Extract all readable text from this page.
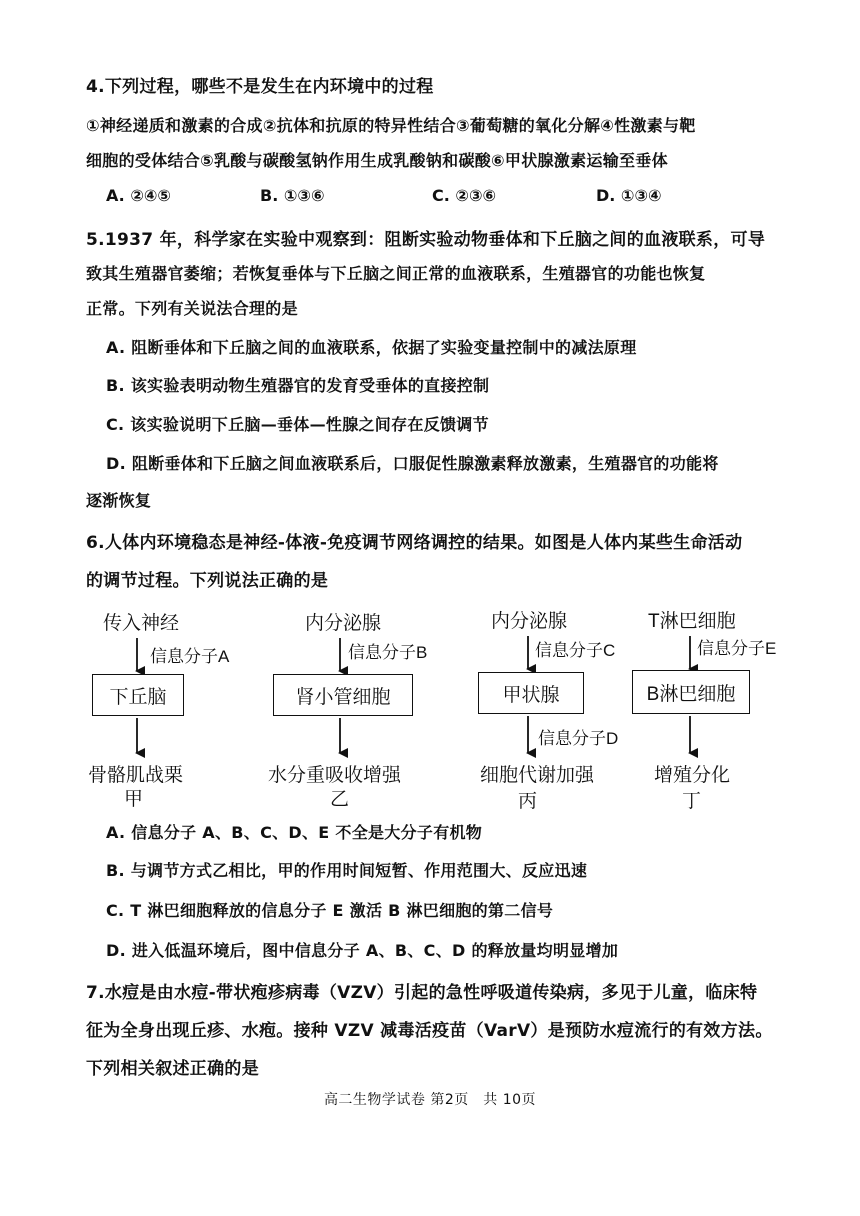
4.下列过程，哪些不是发生在内环境中的过程
①神经递质和激素的合成②抗体和抗原的特异性结合③葡萄糖的氧化分解④性激素与靶
细胞的受体结合⑤乳酸与碳酸氢钠作用生成乳酸钠和碳酸⑥甲状腺激素运输至垂体
A. ②④⑤	B. ①③⑥	C. ②③⑥	D. ①③④
5.1937 年，科学家在实验中观察到：阻断实验动物垂体和下丘脑之间的血液联系，可导
致其生殖器官萎缩；若恢复垂体与下丘脑之间正常的血液联系，生殖器官的功能也恢复
正常。下列有关说法合理的是
A. 阻断垂体和下丘脑之间的血液联系，依据了实验变量控制中的减法原理
B. 该实验表明动物生殖器官的发育受垂体的直接控制
C. 该实验说明下丘脑—垂体—性腺之间存在反馈调节
D. 阻断垂体和下丘脑之间血液联系后，口服促性腺激素释放激素，生殖器官的功能将
逐渐恢复
6.人体内环境稳态是神经-体液-免疫调节网络调控的结果。如图是人体内某些生命活动
的调节过程。下列说法正确的是
传入神经
信息分子A
下丘脑
骨骼肌战栗
甲
内分泌腺
信息分子B
肾小管细胞
水分重吸收增强
乙
内分泌腺
信息分子C
甲状腺
信息分子D
细胞代谢加强
丙
T淋巴细胞
信息分子E
B淋巴细胞
增殖分化
丁
A. 信息分子 A、B、C、D、E 不全是大分子有机物
B. 与调节方式乙相比，甲的作用时间短暂、作用范围大、反应迅速
C. T 淋巴细胞释放的信息分子 E 激活 B 淋巴细胞的第二信号
D. 进入低温环境后，图中信息分子 A、B、C、D 的释放量均明显增加
7.水痘是由水痘-带状疱疹病毒（VZV）引起的急性呼吸道传染病，多见于儿童，临床特
征为全身出现丘疹、水疱。接种 VZV 减毒活疫苗（VarV）是预防水痘流行的有效方法。
下列相关叙述正确的是
高二生物学试卷 第2页　共 10页
